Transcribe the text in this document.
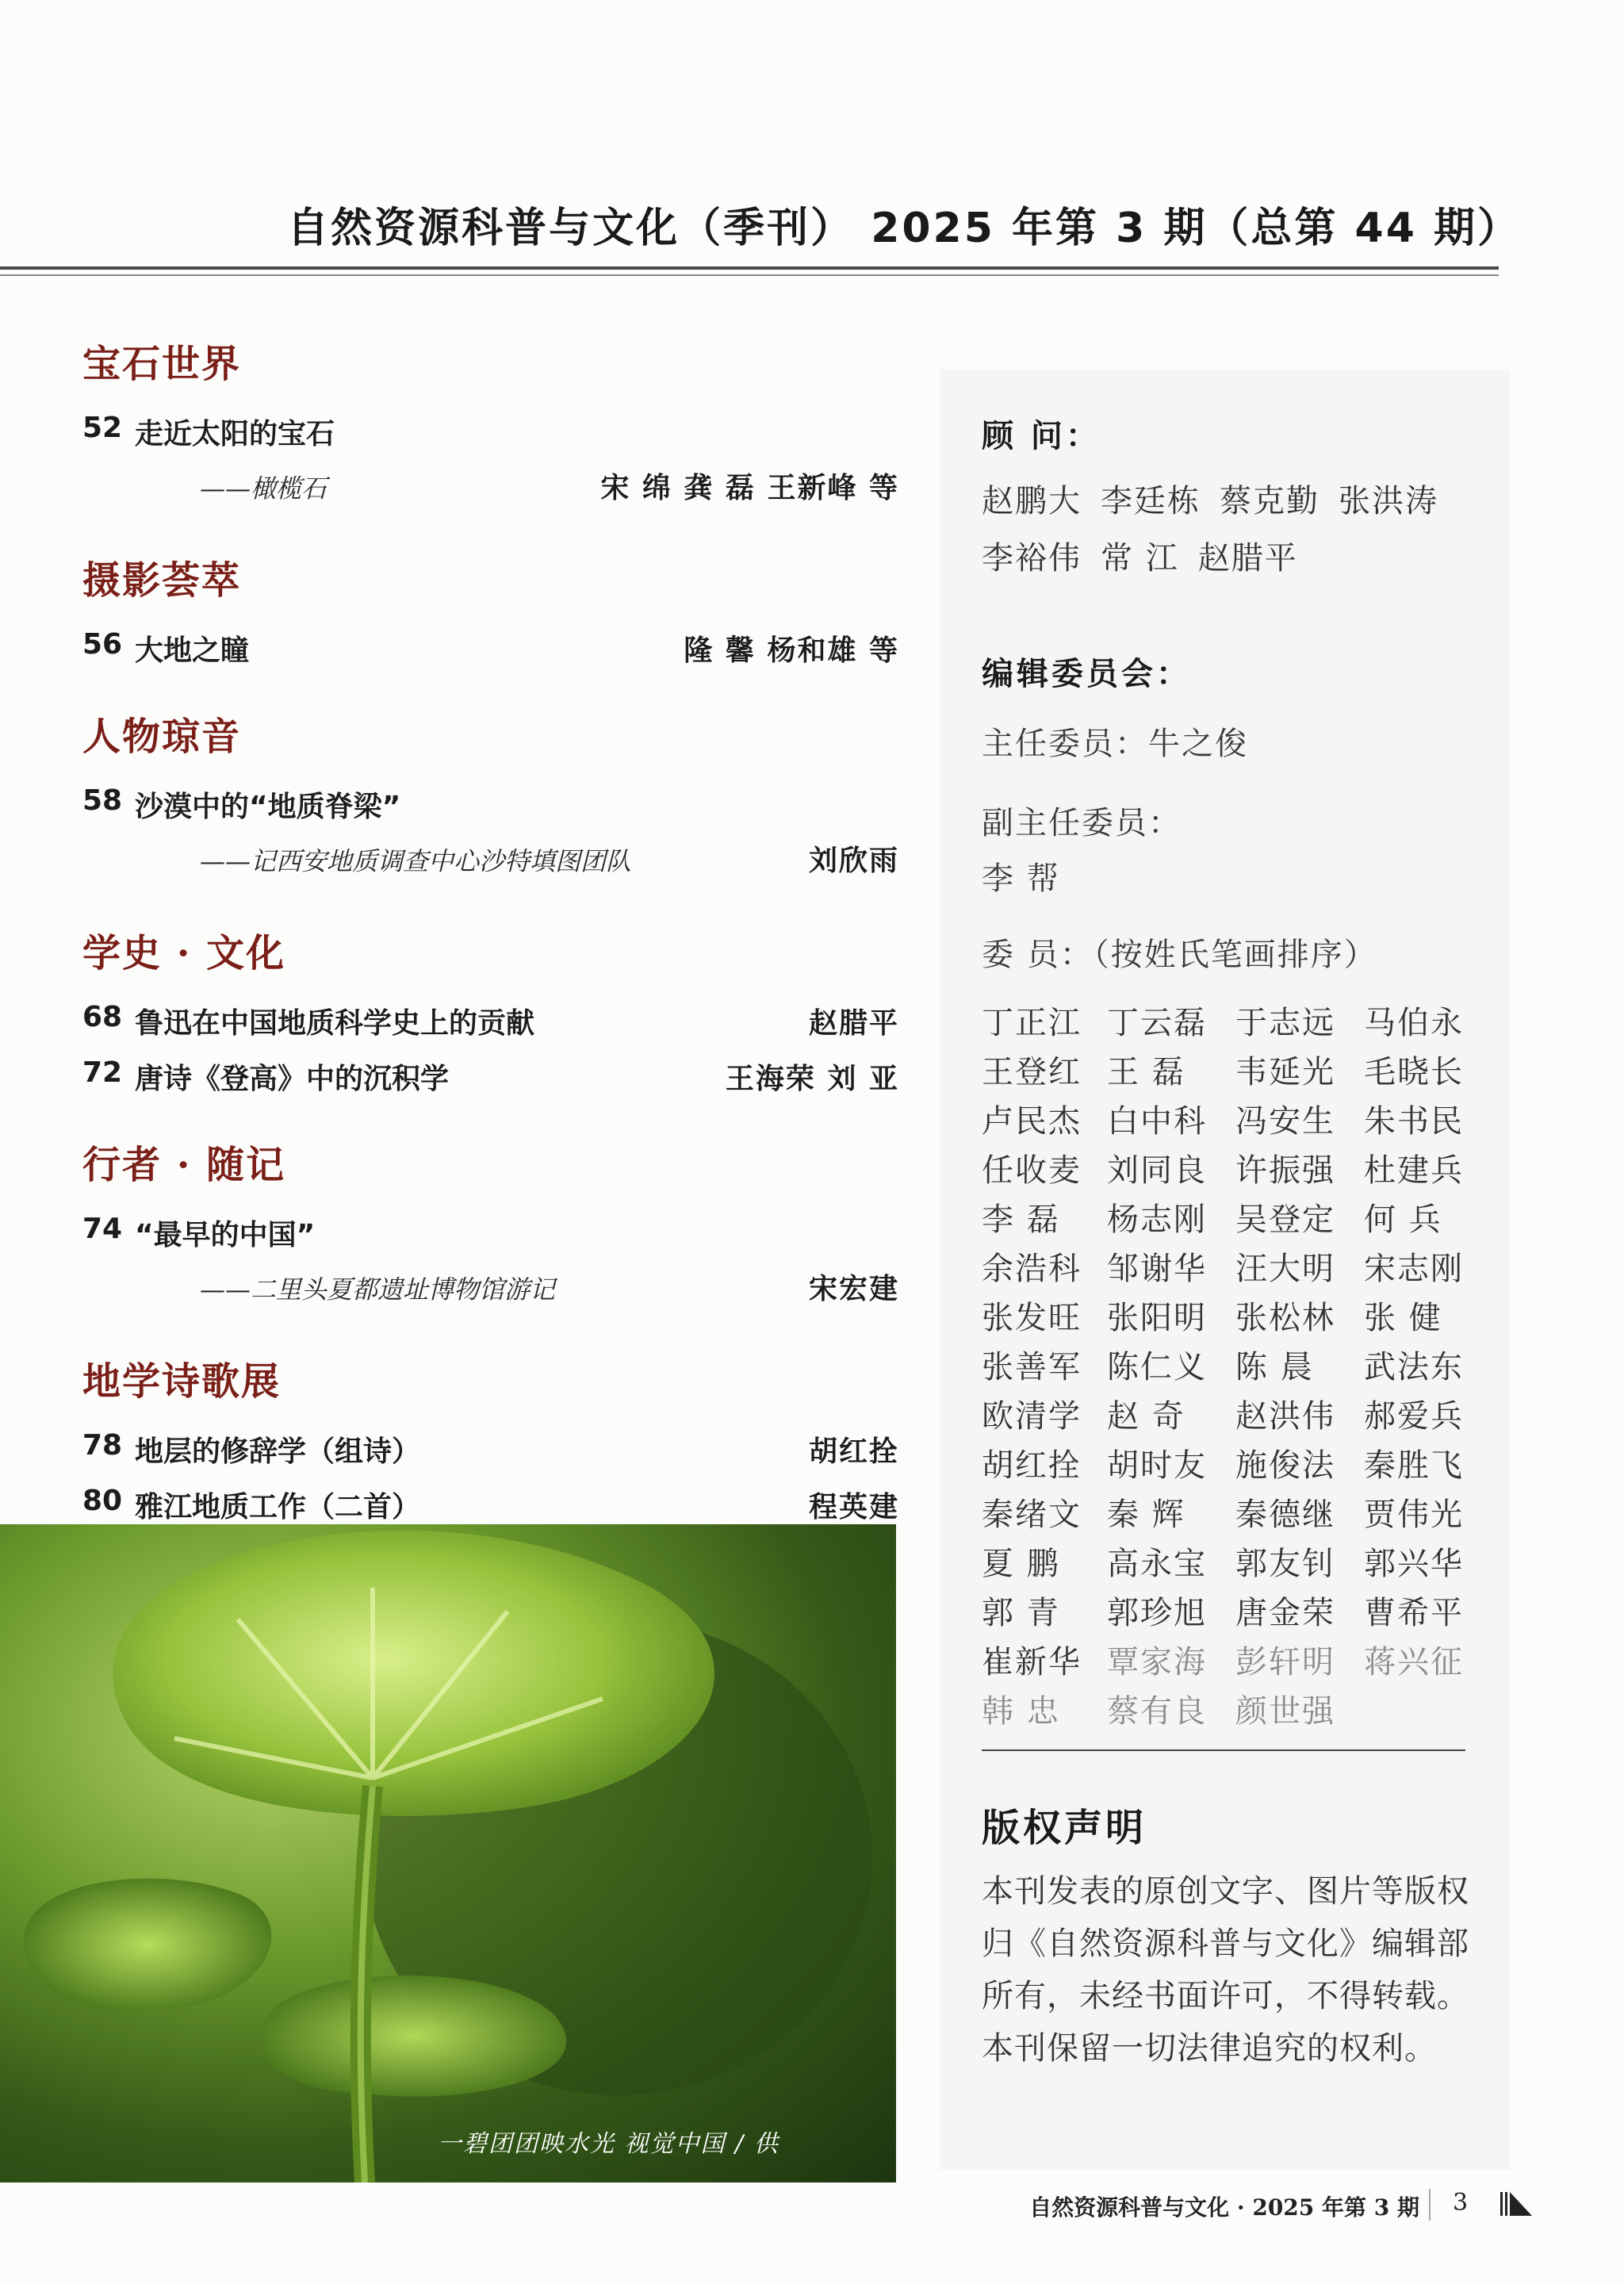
自然资源科普与文化（季刊） 2025 年第 3 期（总第 44 期）
宝石世界
52 走近太阳的宝石
——橄榄石	宋 绵 龚 磊 王新峰 等
摄影荟萃
56 大地之瞳	隆 馨 杨和雄 等
人物琼音
58 沙漠中的“地质脊梁”
——记西安地质调查中心沙特填图团队	刘欣雨
学史 · 文化
68 鲁迅在中国地质科学史上的贡献	赵腊平
72 唐诗《登高》中的沉积学	王海荣 刘 亚
行者 · 随记
74 “最早的中国”
——二里头夏都遗址博物馆游记	宋宏建
地学诗歌展
78 地层的修辞学（组诗）	胡红拴
80 雅江地质工作（二首）	程英建
一碧团团映水光 视觉中国 / 供
顾 问：
赵鹏大 李廷栋 蔡克勤 张洪涛
李裕伟 常 江 赵腊平
编辑委员会：
主任委员：牛之俊
副主任委员：
李 帮
委 员：（按姓氏笔画排序）
丁正江 丁云磊 于志远 马伯永
王登红 王 磊	韦延光 毛晓长
卢民杰 白中科 冯安生 朱书民
任收麦 刘同良 许振强 杜建兵
李 磊	杨志刚 吴登定 何 兵
余浩科 邹谢华 汪大明 宋志刚
张发旺 张阳明 张松林 张 健
张善军 陈仁义 陈 晨	武法东
欧清学 赵 奇	赵洪伟 郝爱兵
胡红拴 胡时友 施俊法 秦胜飞
秦绪文 秦 辉	秦德继 贾伟光
夏 鹏	高永宝 郭友钊 郭兴华
郭 青	郭珍旭 唐金荣 曹希平
崔新华 覃家海 彭轩明 蒋兴征
韩 忠	蔡有良 颜世强
版权声明
本刊发表的原创文字、图片等版权
归《自然资源科普与文化》编辑部
所有，未经书面许可，不得转载。
本刊保留一切法律追究的权利。
自然资源科普与文化 · 2025 年第 3 期 3
